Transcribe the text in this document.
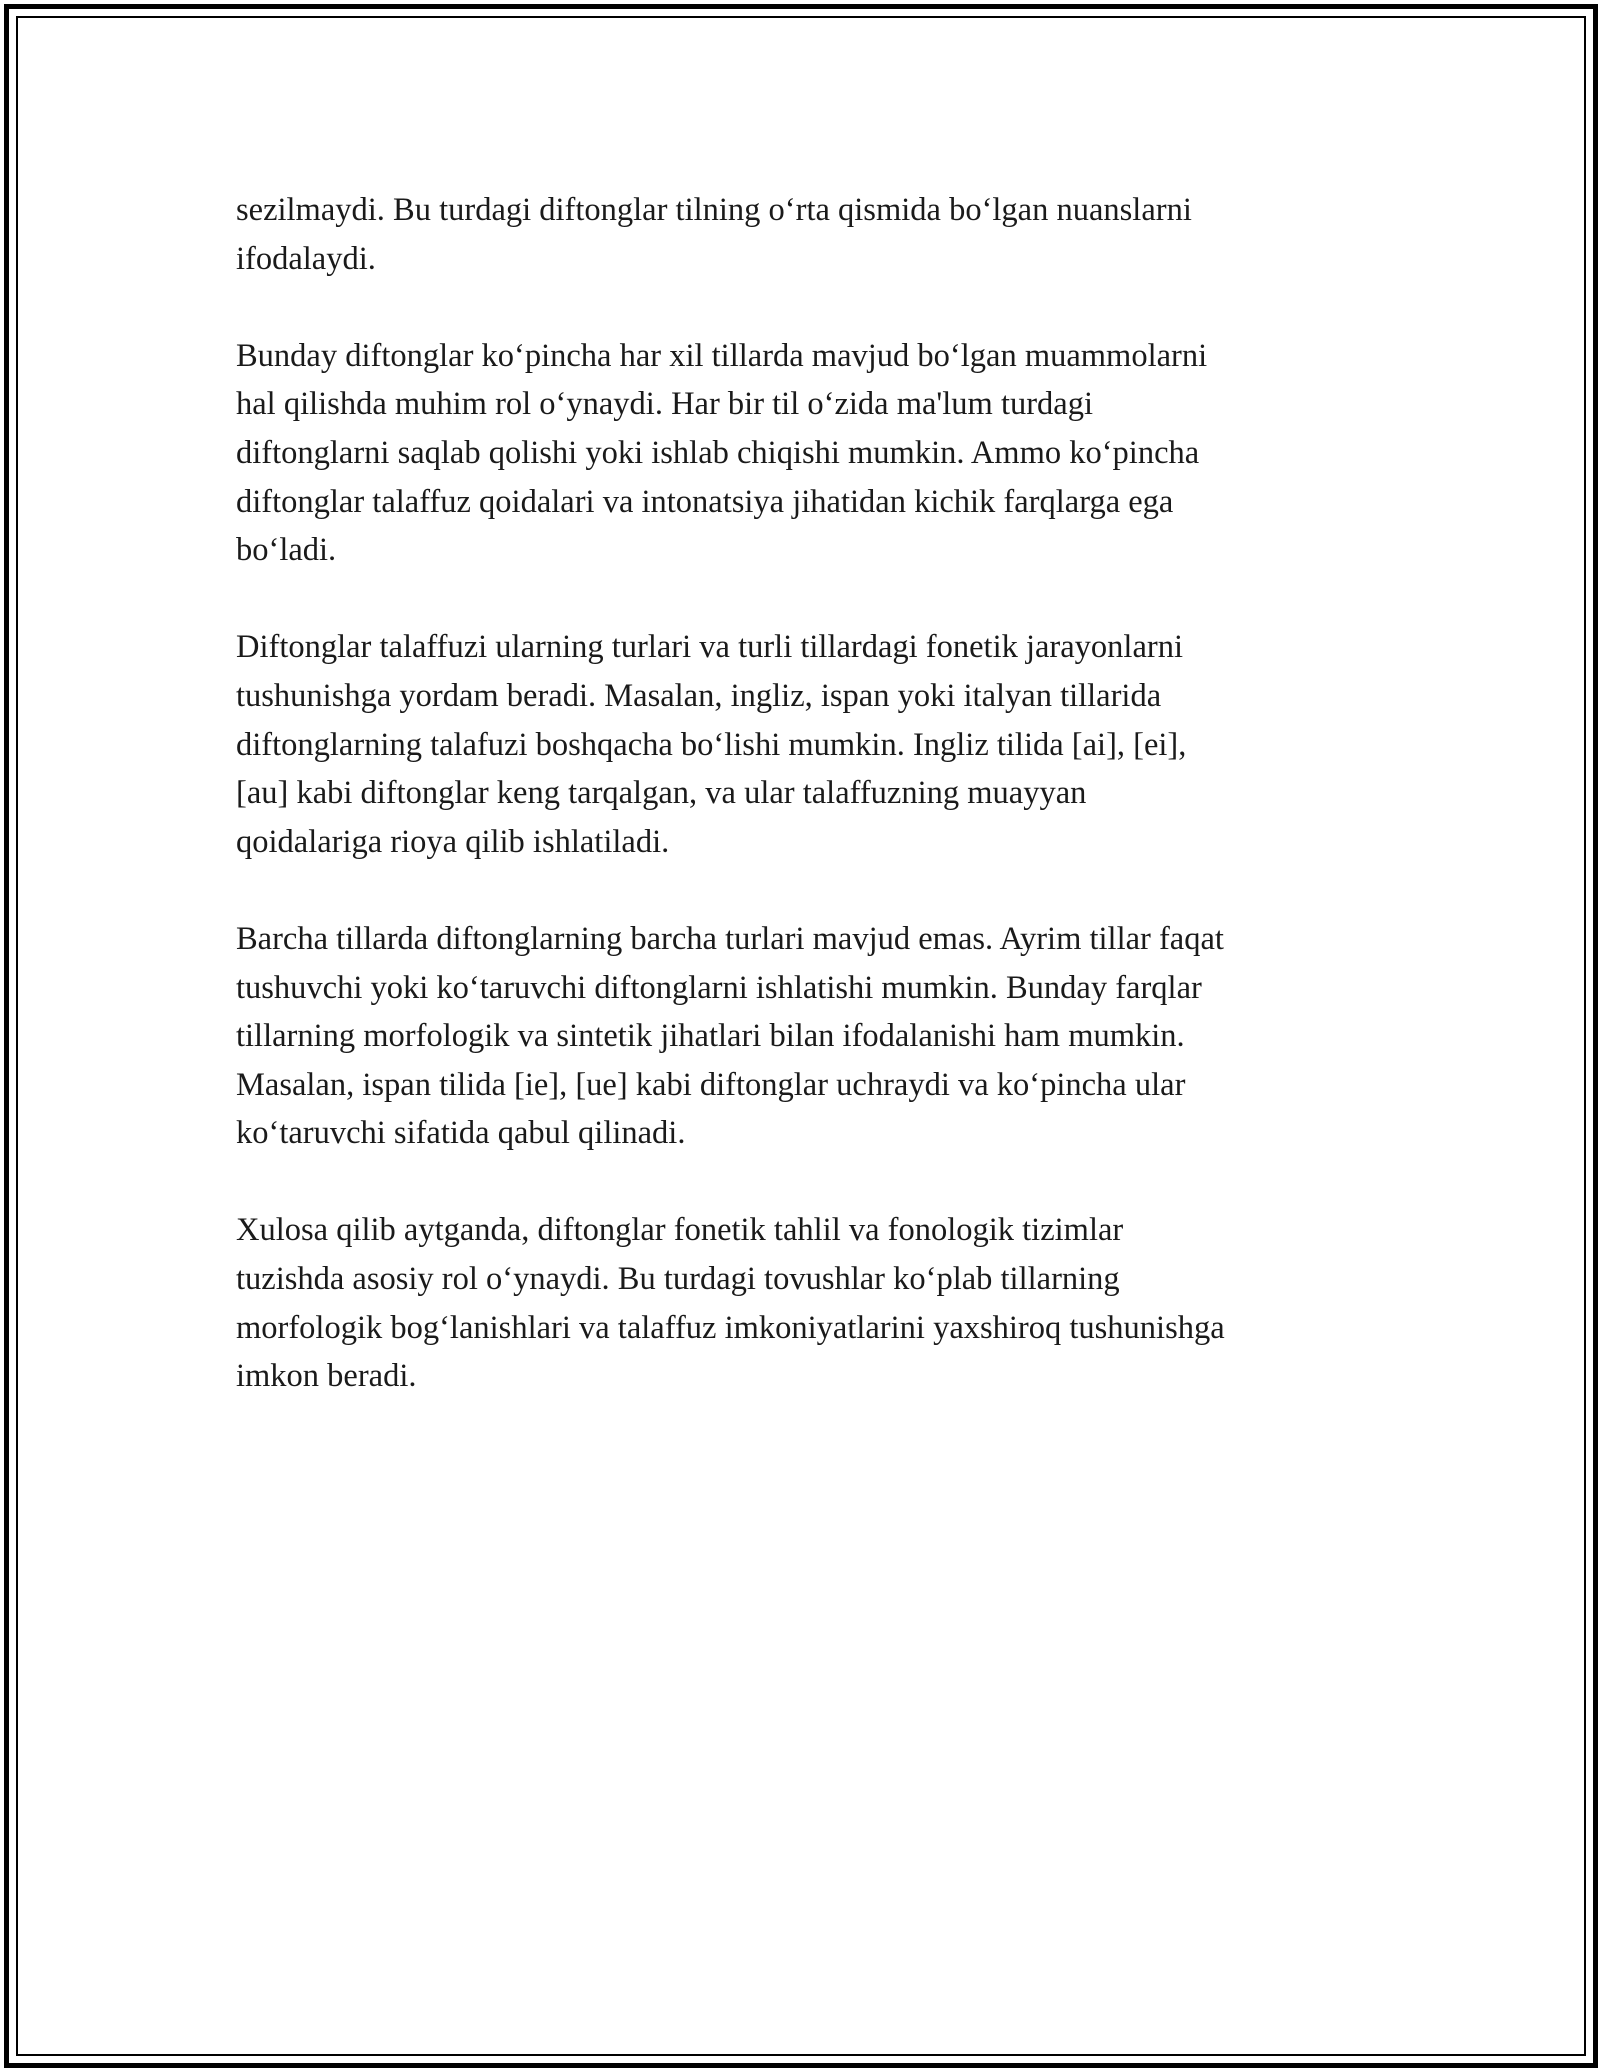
sezilmaydi. Bu turdagi diftonglar tilning o‘rta qismida bo‘lgan nuanslarni
ifodalaydi.

Bunday diftonglar ko‘pincha har xil tillarda mavjud bo‘lgan muammolarni
hal qilishda muhim rol o‘ynaydi. Har bir til o‘zida ma'lum turdagi
diftonglarni saqlab qolishi yoki ishlab chiqishi mumkin. Ammo ko‘pincha
diftonglar talaffuz qoidalari va intonatsiya jihatidan kichik farqlarga ega
bo‘ladi.

Diftonglar talaffuzi ularning turlari va turli tillardagi fonetik jarayonlarni
tushunishga yordam beradi. Masalan, ingliz, ispan yoki italyan tillarida
diftonglarning talafuzi boshqacha bo‘lishi mumkin. Ingliz tilida [ai], [ei],
[au] kabi diftonglar keng tarqalgan, va ular talaffuzning muayyan
qoidalariga rioya qilib ishlatiladi.

Barcha tillarda diftonglarning barcha turlari mavjud emas. Ayrim tillar faqat
tushuvchi yoki ko‘taruvchi diftonglarni ishlatishi mumkin. Bunday farqlar
tillarning morfologik va sintetik jihatlari bilan ifodalanishi ham mumkin.
Masalan, ispan tilida [ie], [ue] kabi diftonglar uchraydi va ko‘pincha ular
ko‘taruvchi sifatida qabul qilinadi.

Xulosa qilib aytganda, diftonglar fonetik tahlil va fonologik tizimlar
tuzishda asosiy rol o‘ynaydi. Bu turdagi tovushlar ko‘plab tillarning
morfologik bog‘lanishlari va talaffuz imkoniyatlarini yaxshiroq tushunishga
imkon beradi.
